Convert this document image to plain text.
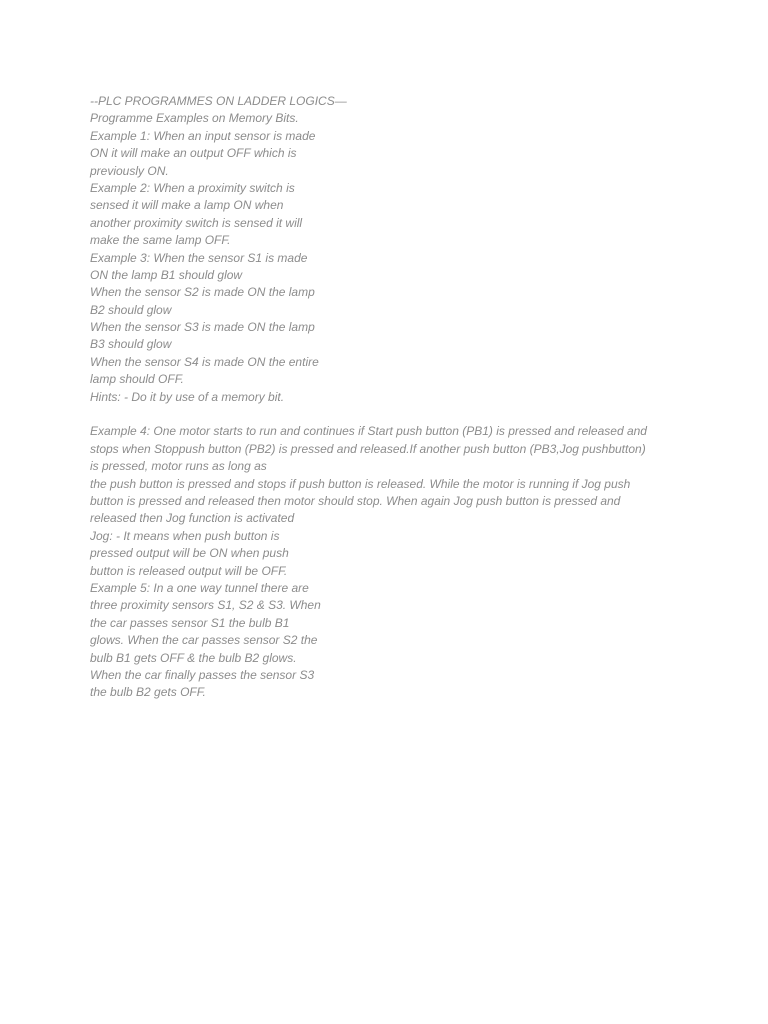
--PLC PROGRAMMES ON LADDER LOGICS—
Programme Examples on Memory Bits.
Example 1: When an input sensor is made
ON it will make an output OFF which is
previously ON.
Example 2: When a proximity switch is
sensed it will make a lamp ON when
another proximity switch is sensed it will
make the same lamp OFF.
Example 3: When the sensor S1 is made
ON the lamp B1 should glow
When the sensor S2 is made ON the lamp
B2 should glow
When the sensor S3 is made ON the lamp
B3 should glow
When the sensor S4 is made ON the entire
lamp should OFF.
Hints: - Do it by use of a memory bit.
Example 4: One motor starts to run and continues if Start push button (PB1) is pressed and released and
stops when Stoppush button (PB2) is pressed and released.If another push button (PB3,Jog pushbutton)
is pressed, motor runs as long as
the push button is pressed and stops if push button is released. While the motor is running if Jog push
button is pressed and released then motor should stop. When again Jog push button is pressed and
released then Jog function is activated
Jog: - It means when push button is
pressed output will be ON when push
button is released output will be OFF.
Example 5: In a one way tunnel there are
three proximity sensors S1, S2 & S3. When
the car passes sensor S1 the bulb B1
glows. When the car passes sensor S2 the
bulb B1 gets OFF & the bulb B2 glows.
When the car finally passes the sensor S3
the bulb B2 gets OFF.
